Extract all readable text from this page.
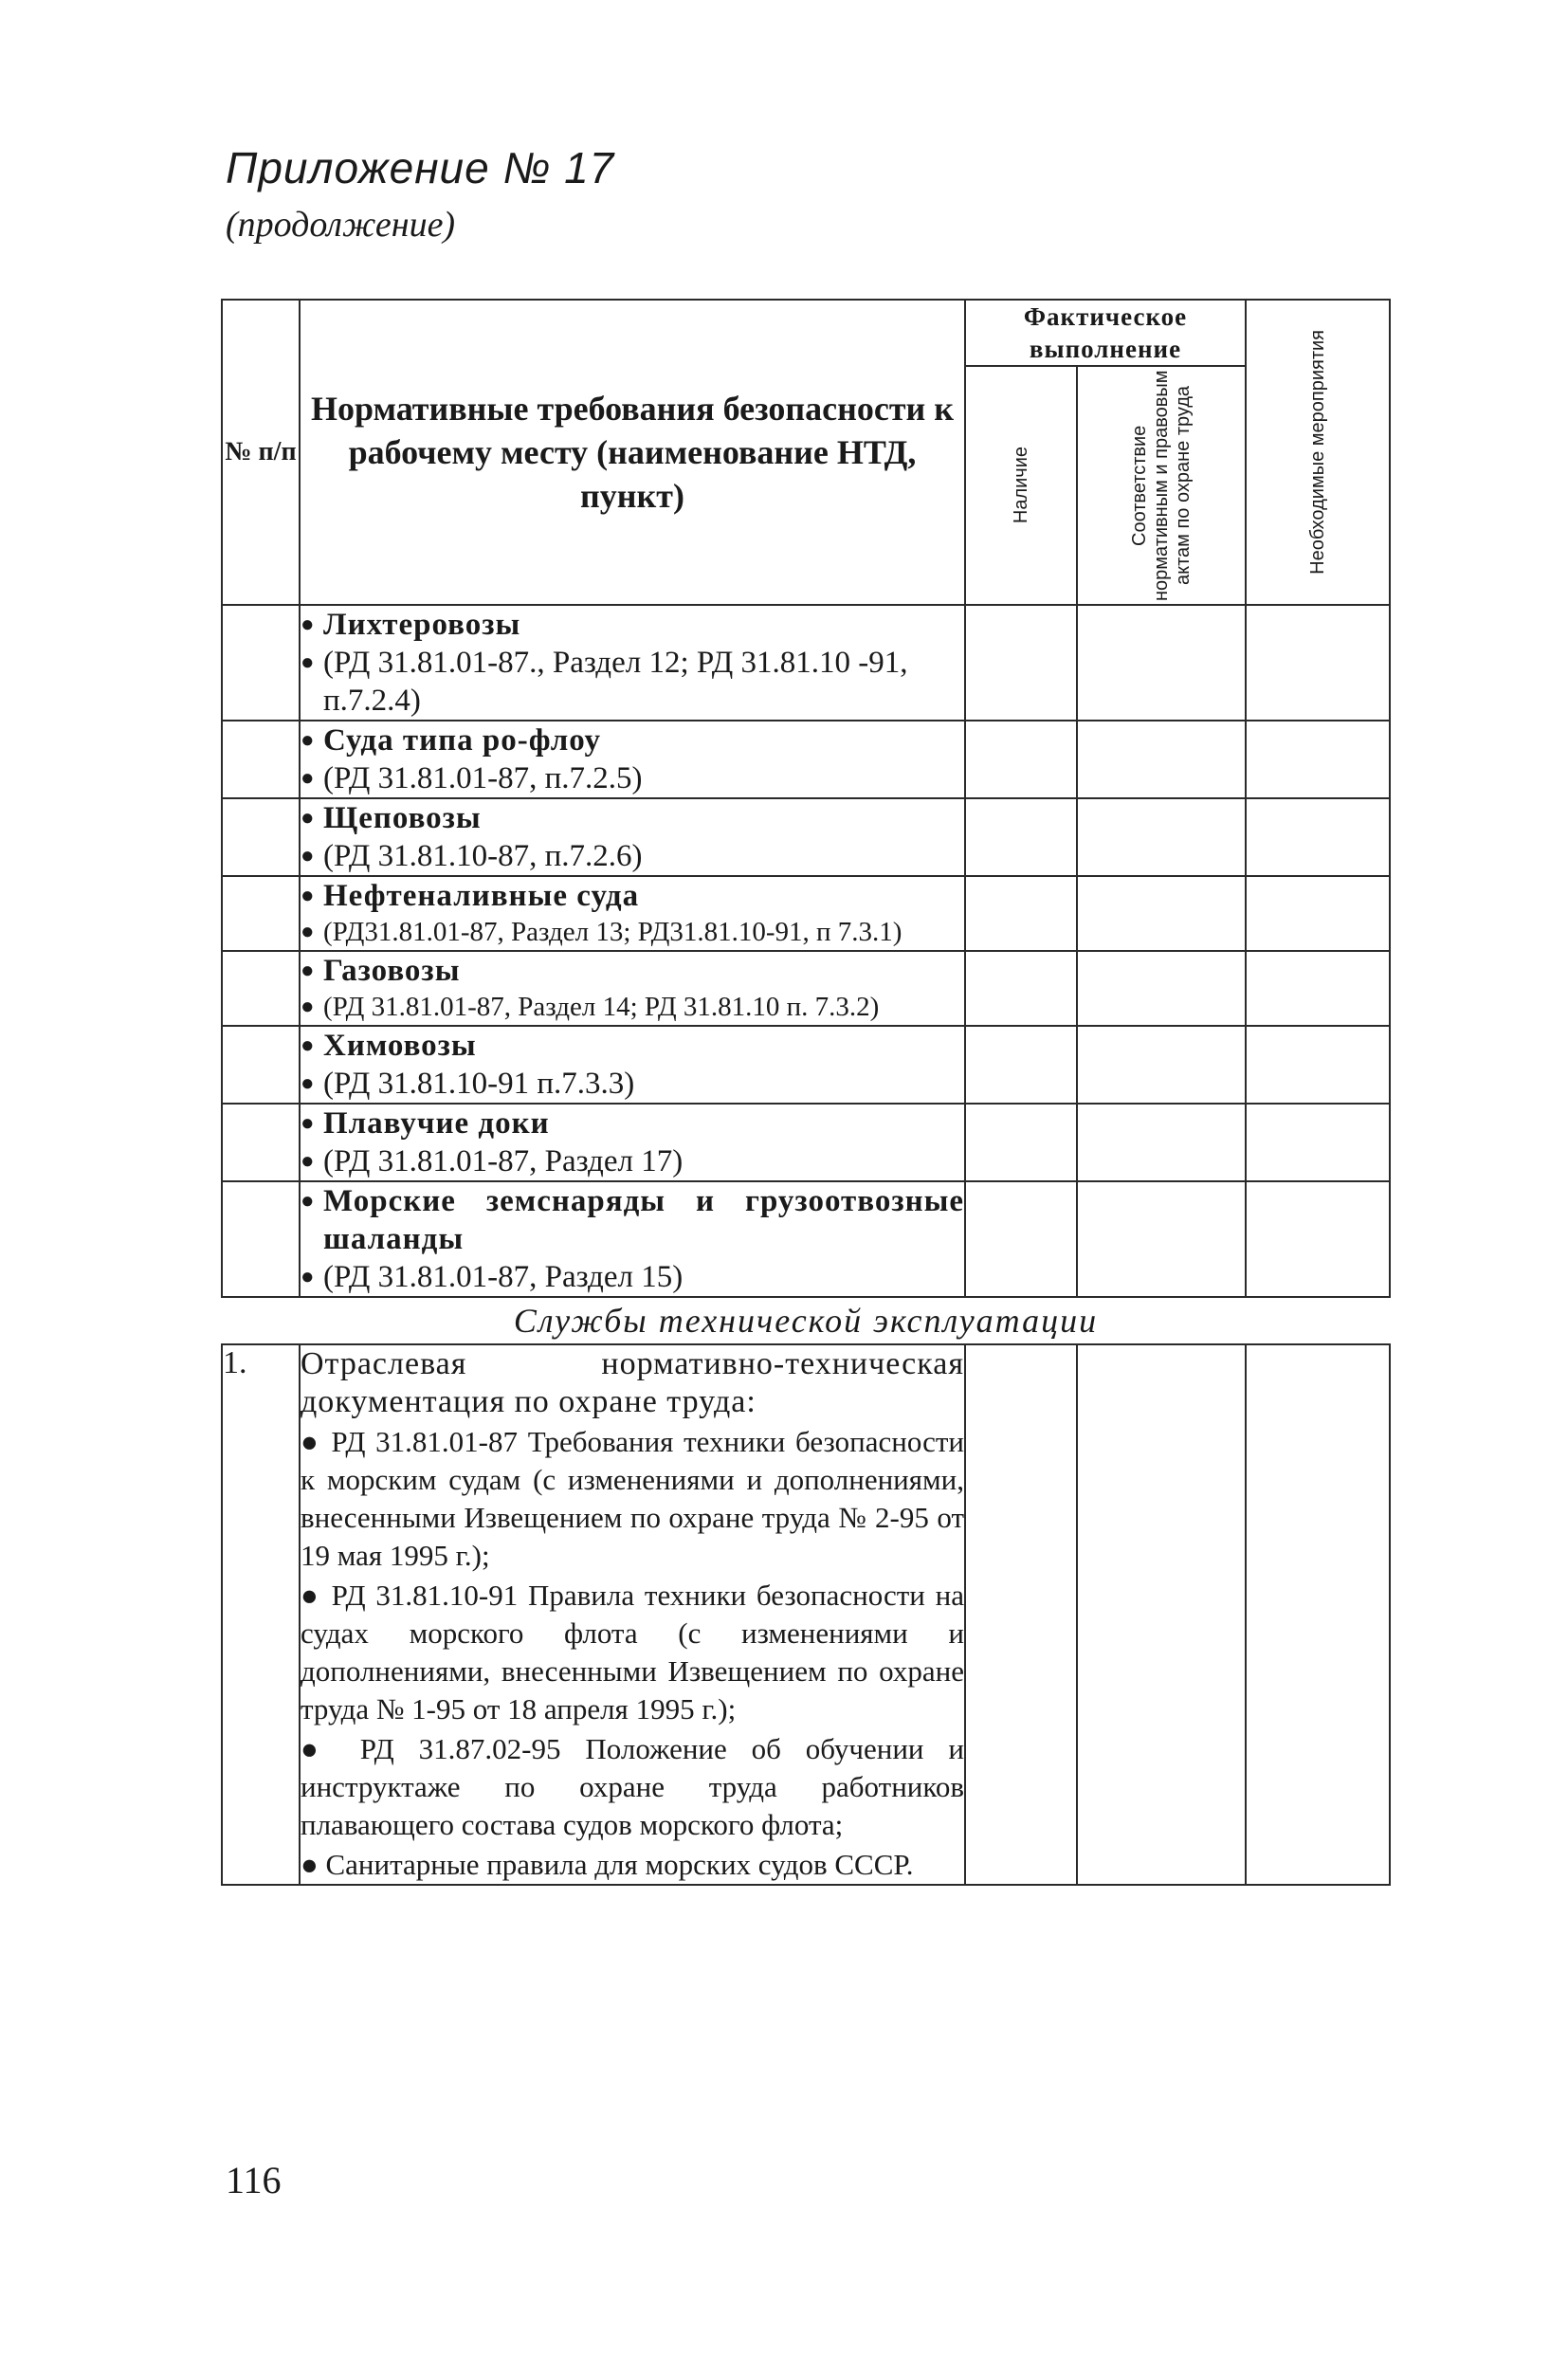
Приложение № 17
(продолжение)
№ п/п	Нормативные требования безопасности к рабочему месту (наименование НТД, пункт)	Фактическое выполнение		Необходимые мероприятия

		Наличие	Соответствие нормативным и правовым актам по охране труда	

	● Лихтеровозы
● (РД 31.81.01-87., Раздел 12; РД 31.81.10 -91, п.7.2.4)			

	● Суда типа ро-флоу
● (РД 31.81.01-87, п.7.2.5)			

	● Щеповозы
● (РД 31.81.10-87, п.7.2.6)			

	● Нефтеналивные суда
● (РД31.81.01-87, Раздел 13; РД31.81.10-91, п 7.3.1)			

	● Газовозы
● (РД 31.81.01-87, Раздел 14; РД 31.81.10 п. 7.3.2)			

	● Химовозы
● (РД 31.81.10-91 п.7.3.3)			

	● Плавучие доки
● (РД 31.81.01-87, Раздел 17)			

	● Морские земснаряды и грузоотвозные шаланды
● (РД 31.81.01-87, Раздел 15)			

Службы технической эксплуатации				
1.	Отраслевая нормативно-техническая документация по охране труда:
● РД 31.81.01-87 Требования техники безопасности к морским судам (с изменениями и дополнениями, внесенными Извещением по охране труда № 2-95 от 19 мая 1995 г.);
● РД 31.81.10-91 Правила техники безопасности на судах морского флота (с изменениями и дополнениями, внесенными Извещением по охране труда № 1-95 от 18 апреля 1995 г.);
● РД 31.87.02-95 Положение об обучении и инструктаже по охране труда работников плавающего состава судов морского флота;
● Санитарные правила для морских судов СССР.			

116
